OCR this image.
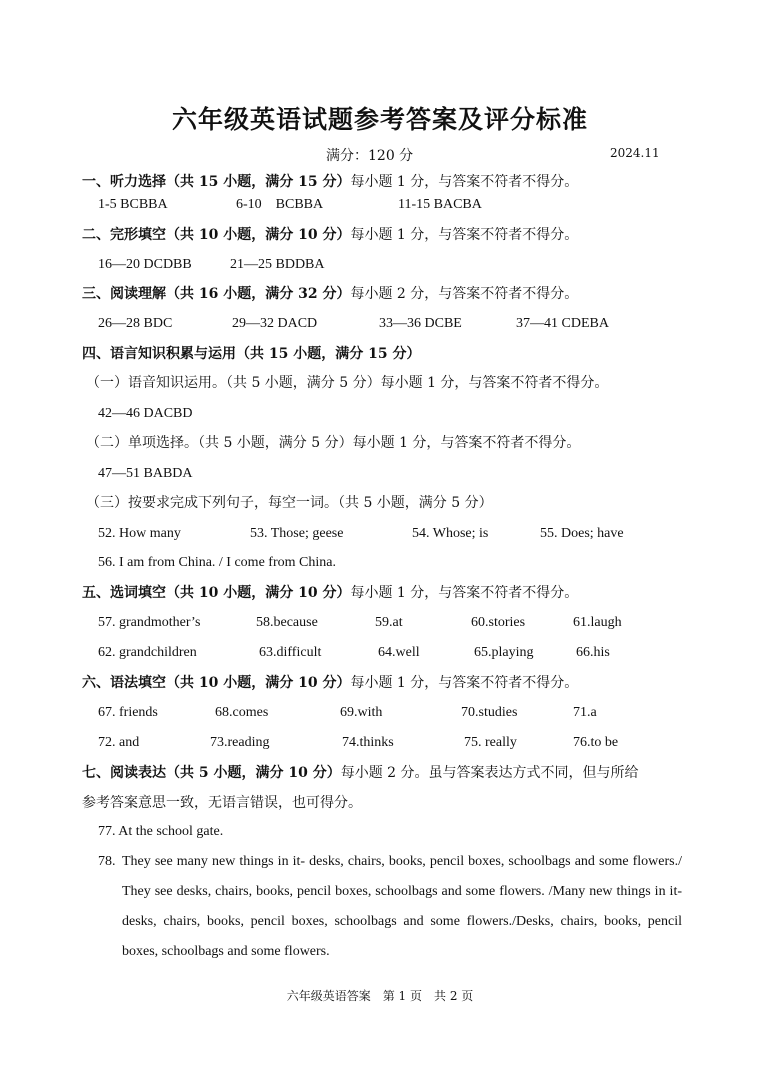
六年级英语试题参考答案及评分标准
满分：120 分	2024.11
一、听力选择（共 15 小题，满分 15 分）每小题 1 分，与答案不符者不得分。
1-5 BCBBA	6-10　BCBBA	11-15 BACBA
二、完形填空（共 10 小题，满分 10 分）每小题 1 分，与答案不符者不得分。
16—20 DCDBB	21—25 BDDBA
三、阅读理解（共 16 小题，满分 32 分）每小题 2 分，与答案不符者不得分。
26—28 BDC	29—32 DACD	33—36 DCBE	37—41 CDEBA
四、语言知识积累与运用（共 15 小题，满分 15 分）
（一）语音知识运用。（共 5 小题，满分 5 分）每小题 1 分，与答案不符者不得分。
42—46 DACBD
（二）单项选择。（共 5 小题，满分 5 分）每小题 1 分，与答案不符者不得分。
47—51 BABDA
（三）按要求完成下列句子，每空一词。（共 5 小题，满分 5 分）
52. How many	53. Those; geese	54. Whose; is	55. Does; have
56. I am from China. / I come from China.
五、选词填空（共 10 小题，满分 10 分）每小题 1 分，与答案不符者不得分。
57. grandmother’s	58.because	59.at	60.stories	61.laugh
62. grandchildren	63.difficult	64.well	65.playing	66.his
六、语法填空（共 10 小题，满分 10 分）每小题 1 分，与答案不符者不得分。
67. friends	68.comes	69.with	70.studies	71.a
72. and	73.reading	74.thinks	75. really	76.to be
七、阅读表达（共 5 小题，满分 10 分）每小题 2 分。虽与答案表达方式不同，但与所给
参考答案意思一致，无语言错误，也可得分。
77. At the school gate.
78. They see many new things in it- desks, chairs, books, pencil boxes, schoolbags and some flowers./ They see desks, chairs, books, pencil boxes, schoolbags and some flowers. /Many new things in it- desks, chairs, books, pencil boxes, schoolbags and some flowers./Desks, chairs, books, pencil boxes, schoolbags and some flowers.
六年级英语答案　第 1 页　共 2 页
